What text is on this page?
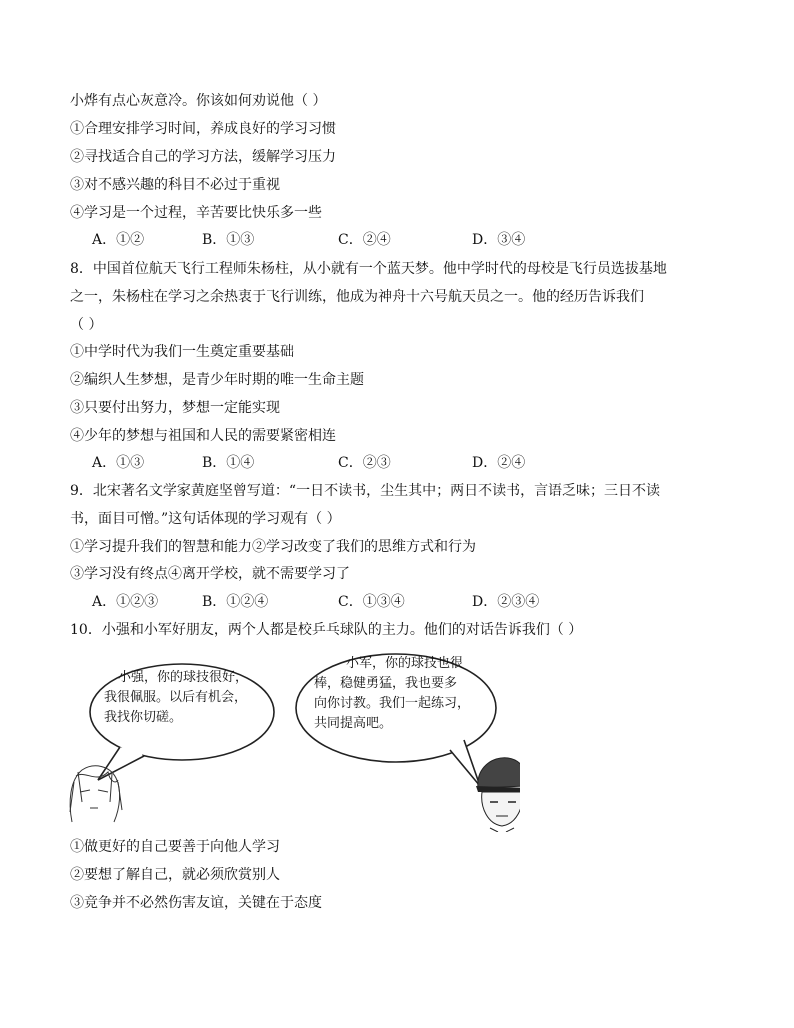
小烨有点心灰意冷。你该如何劝说他（ ）
①合理安排学习时间，养成良好的学习习惯
②寻找适合自己的学习方法，缓解学习压力
③对不感兴趣的科目不必过于重视
④学习是一个过程，辛苦要比快乐多一些
A．①②	B．①③	C．②④	D．③④
8．中国首位航天飞行工程师朱杨柱，从小就有一个蓝天梦。他中学时代的母校是飞行员选拔基地
之一，朱杨柱在学习之余热衷于飞行训练，他成为神舟十六号航天员之一。他的经历告诉我们
（ ）
①中学时代为我们一生奠定重要基础
②编织人生梦想，是青少年时期的唯一生命主题
③只要付出努力，梦想一定能实现
④少年的梦想与祖国和人民的需要紧密相连
A．①③	B．①④	C．②③	D．②④
9．北宋著名文学家黄庭坚曾写道：“一日不读书，尘生其中；两日不读书，言语乏味；三日不读
书，面目可憎。”这句话体现的学习观有（ ）
①学习提升我们的智慧和能力②学习改变了我们的思维方式和行为
③学习没有终点④离开学校，就不需要学习了
A．①②③	B．①②④	C．①③④	D．②③④
10．小强和小军好朋友，两个人都是校乒乓球队的主力。他们的对话告诉我们（ ）
小强，你的球技很好，
我很佩服。以后有机会，
我找你切磋。
小军，你的球技也很
棒，稳健勇猛，我也要多
向你讨教。我们一起练习，
共同提高吧。
①做更好的自己要善于向他人学习
②要想了解自己，就必须欣赏别人
③竞争并不必然伤害友谊，关键在于态度
